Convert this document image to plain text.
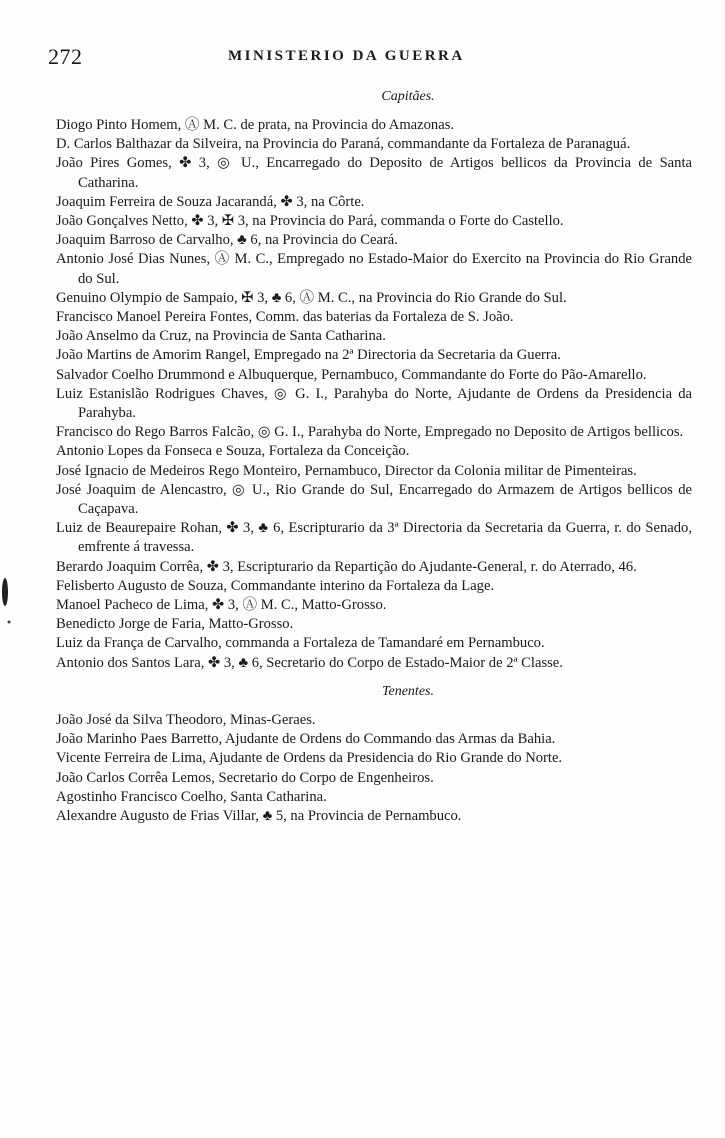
272	MINISTERIO DA GUERRA
Capitães.

Diogo Pinto Homem, Ⓐ M. C. de prata, na Provincia do Amazonas.

D. Carlos Balthazar da Silveira, na Provincia do Paraná, commandante da Fortaleza de Paranaguá.

João Pires Gomes, ✤ 3, ◎ U., Encarregado do Deposito de Artigos bellicos da Provincia de Santa Catharina.

Joaquim Ferreira de Souza Jacarandá, ✤ 3, na Côrte.

João Gonçalves Netto, ✤ 3, ✠ 3, na Provincia do Pará, commanda o Forte do Castello.

Joaquim Barroso de Carvalho, ♣ 6, na Provincia do Ceará.

Antonio José Dias Nunes, Ⓐ M. C., Empregado no Estado-Maior do Exercito na Provincia do Rio Grande do Sul.

Genuino Olympio de Sampaio, ✠ 3, ♣ 6, Ⓐ M. C., na Provincia do Rio Grande do Sul.

Francisco Manoel Pereira Fontes, Comm. das baterias da Fortaleza de S. João.

João Anselmo da Cruz, na Provincia de Santa Catharina.

João Martins de Amorim Rangel, Empregado na 2ª Directoria da Secretaria da Guerra.

Salvador Coelho Drummond e Albuquerque, Pernambuco, Commandante do Forte do Pão-Amarello.

Luiz Estanislão Rodrigues Chaves, ◎ G. I., Parahyba do Norte, Ajudante de Ordens da Presidencia da Parahyba.

Francisco do Rego Barros Falcão, ◎ G. I., Parahyba do Norte, Empregado no Deposito de Artigos bellicos.

Antonio Lopes da Fonseca e Souza, Fortaleza da Conceição.

José Ignacio de Medeiros Rego Monteiro, Pernambuco, Director da Colonia militar de Pimenteiras.

José Joaquim de Alencastro, ◎ U., Rio Grande do Sul, Encarregado do Armazem de Artigos bellicos de Caçapava.

Luiz de Beaurepaire Rohan, ✤ 3, ♣ 6, Escripturario da 3ª Directoria da Secretaria da Guerra, r. do Senado, emfrente á travessa.

Berardo Joaquim Corrêa, ✤ 3, Escripturario da Repartição do Ajudante-General, r. do Aterrado, 46.

Felisberto Augusto de Souza, Commandante interino da Fortaleza da Lage.

Manoel Pacheco de Lima, ✤ 3, Ⓐ M. C., Matto-Grosso.

Benedicto Jorge de Faria, Matto-Grosso.

Luiz da França de Carvalho, commanda a Fortaleza de Tamandaré em Pernambuco.

Antonio dos Santos Lara, ✤ 3, ♣ 6, Secretario do Corpo de Estado-Maior de 2ª Classe.

Tenentes.

João José da Silva Theodoro, Minas-Geraes.

João Marinho Paes Barretto, Ajudante de Ordens do Commando das Armas da Bahia.

Vicente Ferreira de Lima, Ajudante de Ordens da Presidencia do Rio Grande do Norte.

João Carlos Corrêa Lemos, Secretario do Corpo de Engenheiros.

Agostinho Francisco Coelho, Santa Catharina.

Alexandre Augusto de Frias Villar, ♣ 5, na Provincia de Pernambuco.
